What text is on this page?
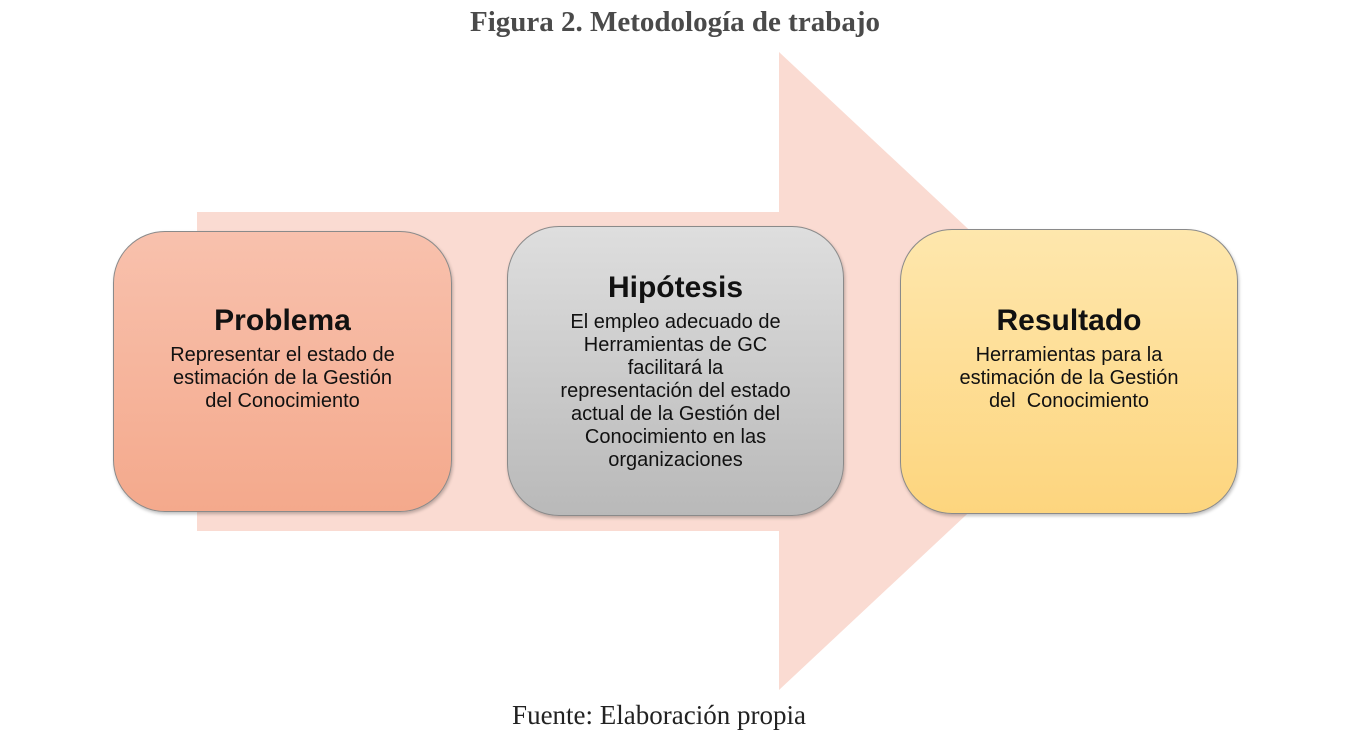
Figura 2. Metodología de trabajo
Problema
Representar el estado de
estimación de la Gestión
del Conocimiento
Hipótesis
El empleo adecuado de
Herramientas de GC
facilitará la
representación del estado
actual de la Gestión del
Conocimiento en las
organizaciones
Resultado
Herramientas para la
estimación de la Gestión
del  Conocimiento

Fuente: Elaboración propia
